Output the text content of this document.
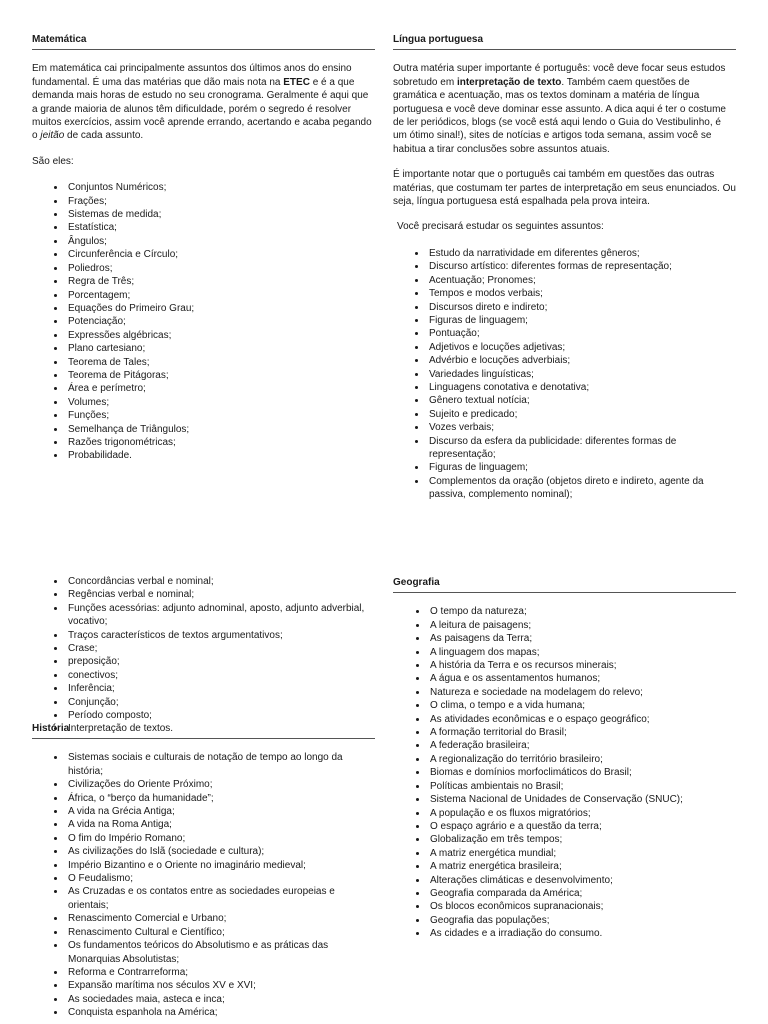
Matemática

Em matemática cai principalmente assuntos dos últimos anos do ensino fundamental. É uma das matérias que dão mais nota na ETEC e é a que demanda mais horas de estudo no seu cronograma. Geralmente é aqui que a grande maioria de alunos têm dificuldade, porém o segredo é resolver muitos exercícios, assim você aprende errando, acertando e acaba pegando o jeitão de cada assunto.

São eles:

• Conjuntos Numéricos;
• Frações;
• Sistemas de medida;
• Estatística;
• Ângulos;
• Circunferência e Círculo;
• Poliedros;
• Regra de Três;
• Porcentagem;
• Equações do Primeiro Grau;
• Potenciação;
• Expressões algébricas;
• Plano cartesiano;
• Teorema de Tales;
• Teorema de Pitágoras;
• Área e perímetro;
• Volumes;
• Funções;
• Semelhança de Triângulos;
• Razões trigonométricas;
• Probabilidade.
Língua portuguesa

Outra matéria super importante é português: você deve focar seus estudos sobretudo em interpretação de texto. Também caem questões de gramática e acentuação, mas os textos dominam a matéria de língua portuguesa e você deve dominar esse assunto. A dica aqui é ter o costume de ler periódicos, blogs (se você está aqui lendo o Guia do Vestibulinho, é um ótimo sinal!), sites de notícias e artigos toda semana, assim você se habitua a tirar conclusões sobre assuntos atuais.

É importante notar que o português cai também em questões das outras matérias, que costumam ter partes de interpretação em seus enunciados. Ou seja, língua portuguesa está espalhada pela prova inteira.

Você precisará estudar os seguintes assuntos:

• Estudo da narratividade em diferentes gêneros;
• Discurso artístico: diferentes formas de representação;
• Acentuação; Pronomes;
• Tempos e modos verbais;
• Discursos direto e indireto;
• Figuras de linguagem;
• Pontuação;
• Adjetivos e locuções adjetivas;
• Advérbio e locuções adverbiais;
• Variedades linguísticas;
• Linguagens conotativa e denotativa;
• Gênero textual notícia;
• Sujeito e predicado;
• Vozes verbais;
• Discurso da esfera da publicidade: diferentes formas de representação;
• Figuras de linguagem;
• Complementos da oração (objetos direto e indireto, agente da passiva, complemento nominal);
• Concordâncias verbal e nominal;
• Regências verbal e nominal;
• Funções acessórias: adjunto adnominal, aposto, adjunto adverbial, vocativo;
• Traços característicos de textos argumentativos;
• Crase;
• preposição;
• conectivos;
• Inferência;
• Conjunção;
• Período composto;
• Interpretação de textos.
História
• Sistemas sociais e culturais de notação de tempo ao longo da história;
• Civilizações do Oriente Próximo;
• África, o “berço da humanidade”;
• A vida na Grécia Antiga;
• A vida na Roma Antiga;
• O fim do Império Romano;
• As civilizações do Islã (sociedade e cultura);
• Império Bizantino e o Oriente no imaginário medieval;
• O Feudalismo;
• As Cruzadas e os contatos entre as sociedades europeias e orientais;
• Renascimento Comercial e Urbano;
• Renascimento Cultural e Científico;
• Os fundamentos teóricos do Absolutismo e as práticas das Monarquias Absolutistas;
• Reforma e Contrarreforma;
• Expansão marítima nos séculos XV e XVI;
• As sociedades maia, asteca e inca;
• Conquista espanhola na América;
Geografia
• O tempo da natureza;
• A leitura de paisagens;
• As paisagens da Terra;
• A linguagem dos mapas;
• A história da Terra e os recursos minerais;
• A água e os assentamentos humanos;
• Natureza e sociedade na modelagem do relevo;
• O clima, o tempo e a vida humana;
• As atividades econômicas e o espaço geográfico;
• A formação territorial do Brasil;
• A federação brasileira;
• A regionalização do território brasileiro;
• Biomas e domínios morfoclimáticos do Brasil;
• Políticas ambientais no Brasil;
• Sistema Nacional de Unidades de Conservação (SNUC);
• A população e os fluxos migratórios;
• O espaço agrário e a questão da terra;
• Globalização em três tempos;
• A matriz energética mundial;
• A matriz energética brasileira;
• Alterações climáticas e desenvolvimento;
• Geografia comparada da América;
• Os blocos econômicos supranacionais;
• Geografia das populações;
• As cidades e a irradiação do consumo.
